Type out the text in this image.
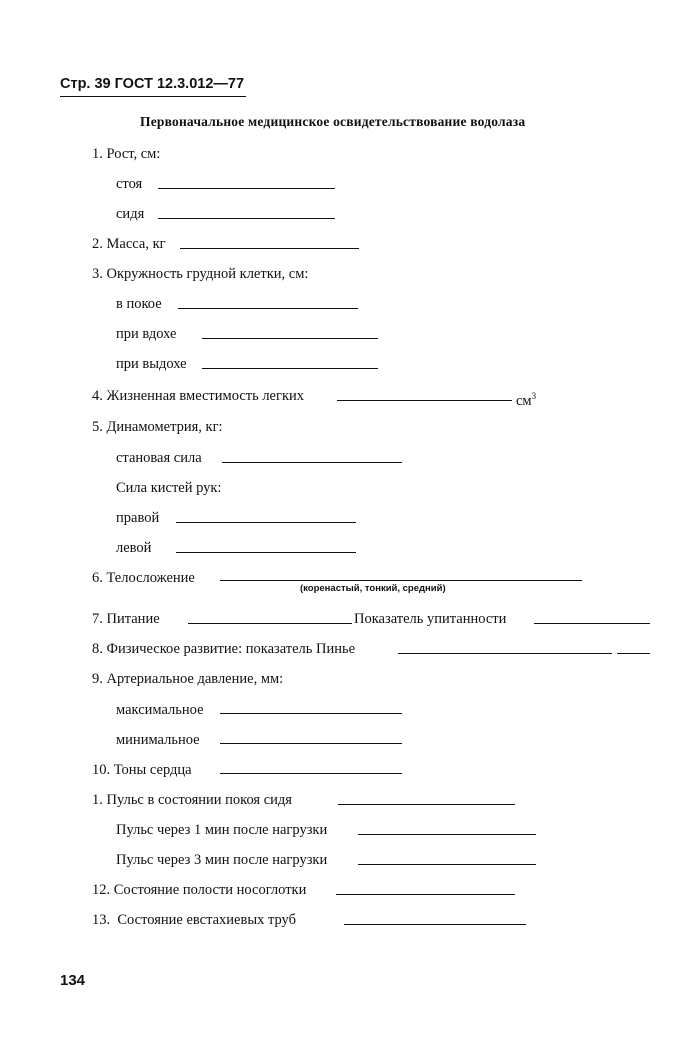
Стр. 39 ГОСТ 12.3.012—77
Первоначальное медицинское освидетельствование водолаза
1. Рост, см:
стоя
сидя
2. Масса, кг
3. Окружность грудной клетки, см:
в покое
при вдохе
при выдохе
4. Жизненная вместимость легких	$см^3$
5. Динамометрия, кг:
становая сила
Сила кистей рук:
правой
левой
6. Телосложение
(коренастый, тонкий, средний)
7. Питание	Показатель упитанности
8. Физическое развитие: показатель Пинье
9. Артериальное давление, мм:
максимальное
минимальное
10. Тоны сердца
1. Пульс в состоянии покоя сидя
Пульс через 1 мин после нагрузки
Пульс через 3 мин после нагрузки
12. Состояние полости носоглотки
13.  Состояние евстахиевых труб
134
